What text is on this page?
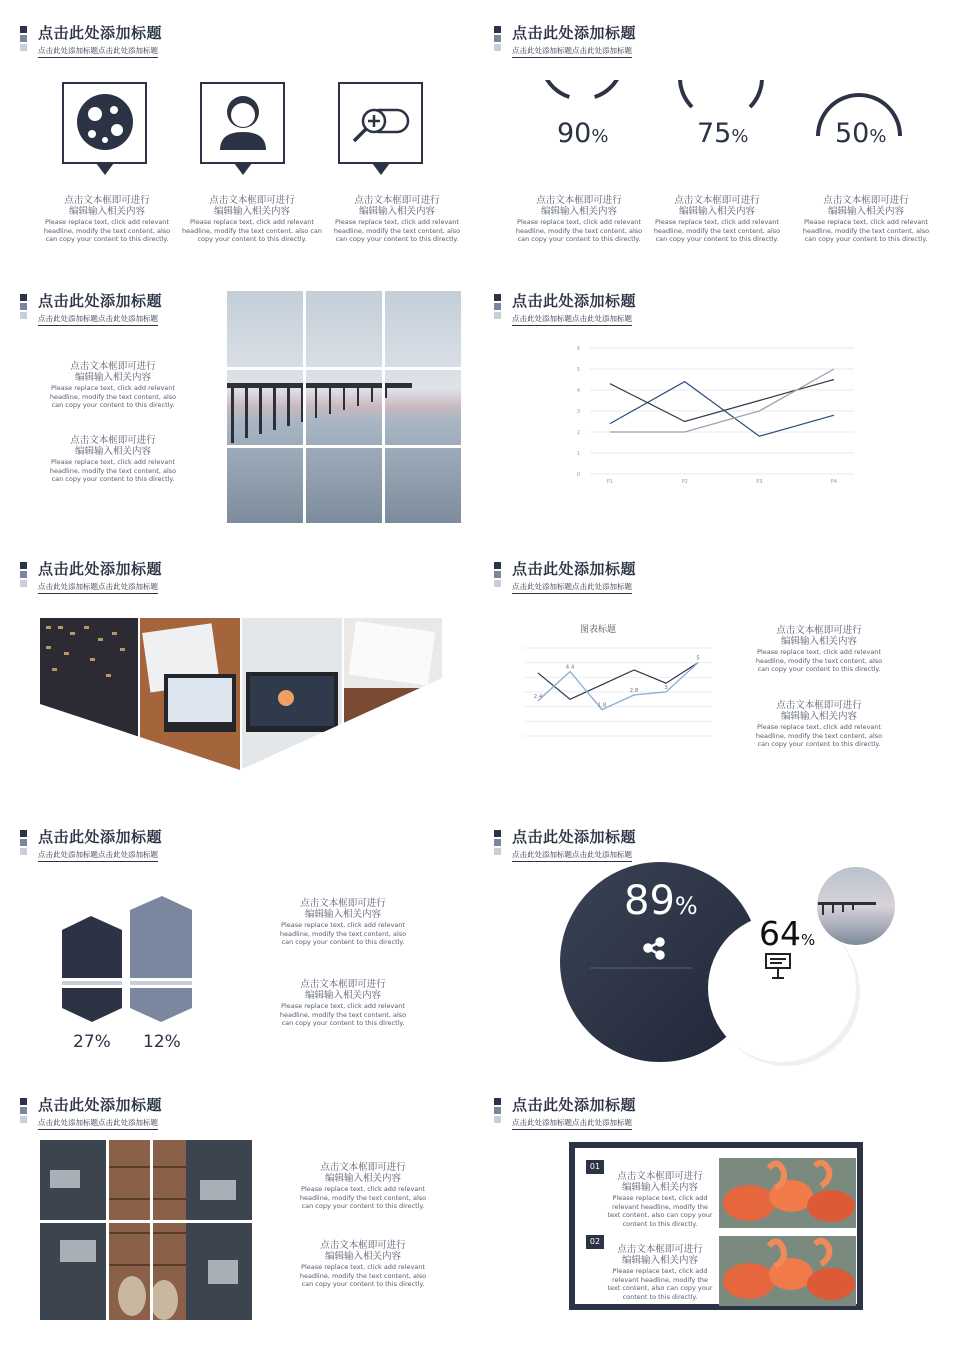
点击此处添加标题
点击此处添加标题点击此处添加标题
点击文本框即可进行
编辑输入相关内容
Please replace text, click add relevant headline, modify the text content, also can copy your content to this directly.
点击文本框即可进行
编辑输入相关内容
Please replace text, click add relevant headline, modify the text content, also can copy your content to this directly.
点击文本框即可进行
编辑输入相关内容
Please replace text, click add relevant headline, modify the text content, also can copy your content to this directly.
点击此处添加标题
点击此处添加标题点击此处添加标题
90%	75%	50%
点击文本框即可进行
编辑输入相关内容
Please replace text, click add relevant headline, modify the text content, also can copy your content to this directly.
点击文本框即可进行
编辑输入相关内容
Please replace text, click add relevant headline, modify the text content, also can copy your content to this directly.
点击文本框即可进行
编辑输入相关内容
Please replace text, click add relevant headline, modify the text content, also can copy your content to this directly.
点击此处添加标题
点击此处添加标题点击此处添加标题
点击文本框即可进行
编辑输入相关内容
Please replace text, click add relevant headline, modify the text content, also can copy your content to this directly.
点击文本框即可进行
编辑输入相关内容
Please replace text, click add relevant headline, modify the text content, also can copy your content to this directly.
点击此处添加标题
点击此处添加标题点击此处添加标题
0
1
2
3
4
5
6
P1	P2	P3	P4
点击此处添加标题
点击此处添加标题点击此处添加标题
点击此处添加标题
点击此处添加标题点击此处添加标题
图表标题
2.4
4.4
1.8
2.8	3
5
点击文本框即可进行
编辑输入相关内容
Please replace text, click add relevant headline, modify the text content, also can copy your content to this directly.
点击文本框即可进行
编辑输入相关内容
Please replace text, click add relevant headline, modify the text content, also can copy your content to this directly.
点击此处添加标题
点击此处添加标题点击此处添加标题
27% 12%
点击文本框即可进行
编辑输入相关内容
Please replace text, click add relevant headline, modify the text content, also can copy your content to this directly.
点击文本框即可进行
编辑输入相关内容
Please replace text, click add relevant headline, modify the text content, also can copy your content to this directly.
点击此处添加标题
点击此处添加标题点击此处添加标题
89%
64%
点击此处添加标题
点击此处添加标题点击此处添加标题
点击文本框即可进行
编辑输入相关内容
Please replace text, click add relevant headline, modify the text content, also can copy your content to this directly.
点击文本框即可进行
编辑输入相关内容
Please replace text, click add relevant headline, modify the text content, also can copy your content to this directly.
点击此处添加标题
点击此处添加标题点击此处添加标题
01
点击文本框即可进行
编辑输入相关内容
Please replace text, click add relevant headline, modify the text content, also can copy your content to this directly.
02
点击文本框即可进行
编辑输入相关内容
Please replace text, click add relevant headline, modify the text content, also can copy your content to this directly.
